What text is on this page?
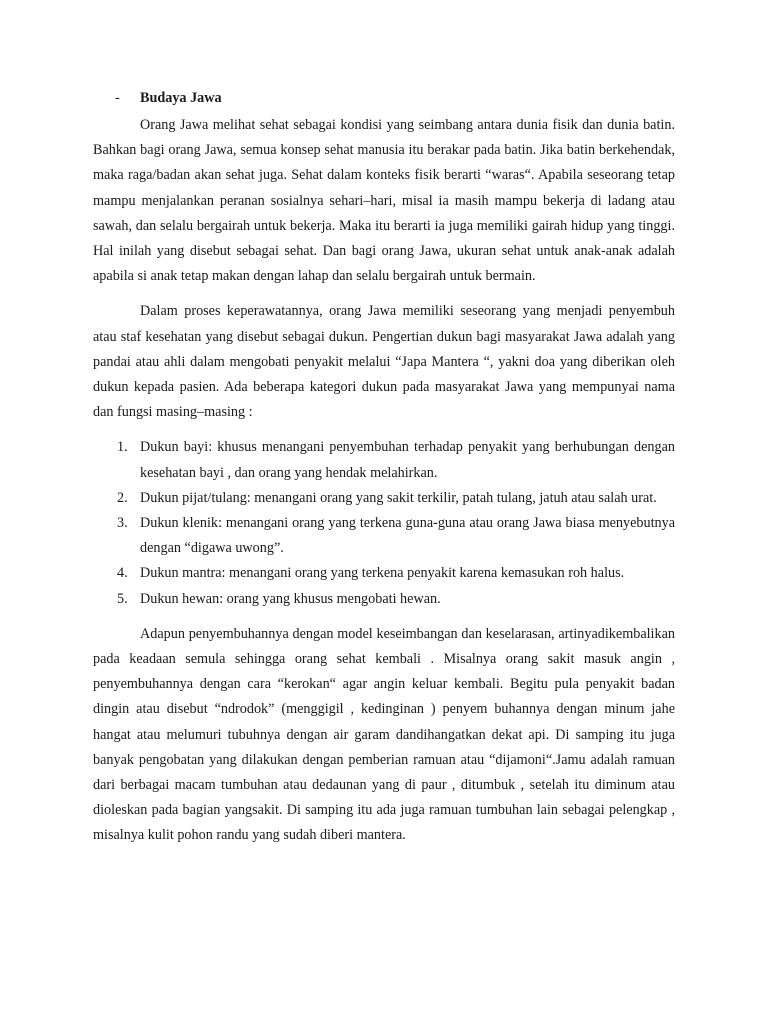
- Budaya Jawa

Orang Jawa melihat sehat sebagai kondisi yang seimbang antara dunia fisik dan dunia batin. Bahkan bagi orang Jawa, semua konsep sehat manusia itu berakar pada batin. Jika batin berkehendak, maka raga/badan akan sehat juga. Sehat dalam konteks fisik berarti “waras“. Apabila seseorang tetap mampu menjalankan peranan sosialnya sehari–hari, misal ia masih mampu bekerja di ladang atau sawah, dan selalu bergairah untuk bekerja. Maka itu berarti ia juga memiliki gairah hidup yang tinggi. Hal inilah yang disebut sebagai sehat. Dan bagi orang Jawa, ukuran sehat untuk anak-anak adalah apabila si anak tetap makan dengan lahap dan selalu bergairah untuk bermain.

Dalam proses keperawatannya, orang Jawa memiliki seseorang yang menjadi penyembuh atau staf kesehatan yang disebut sebagai dukun. Pengertian dukun bagi masyarakat Jawa adalah yang pandai atau ahli dalam mengobati penyakit melalui “Japa Mantera “, yakni doa yang diberikan oleh dukun kepada pasien. Ada beberapa kategori dukun pada masyarakat Jawa yang mempunyai nama dan fungsi masing–masing :

1. Dukun bayi: khusus menangani penyembuhan terhadap penyakit yang berhubungan dengan kesehatan bayi , dan orang yang hendak melahirkan.
2. Dukun pijat/tulang: menangani orang yang sakit terkilir, patah tulang, jatuh atau salah urat.
3. Dukun klenik: menangani orang yang terkena guna-guna atau orang Jawa biasa menyebutnya dengan “digawa uwong”.
4. Dukun mantra: menangani orang yang terkena penyakit karena kemasukan roh halus.
5. Dukun hewan: orang yang khusus mengobati hewan.

Adapun penyembuhannya dengan model keseimbangan dan keselarasan, artinyadikembalikan pada keadaan semula sehingga orang sehat kembali . Misalnya orang sakit masuk angin , penyembuhannya dengan cara “kerokan“ agar angin keluar kembali. Begitu pula penyakit badan dingin atau disebut “ndrodok” (menggigil , kedinginan ) penyem buhannya dengan minum jahe hangat atau melumuri tubuhnya dengan air garam dandihangatkan dekat api. Di samping itu juga banyak pengobatan yang dilakukan dengan pemberian ramuan atau “dijamoni“.Jamu adalah ramuan dari berbagai macam tumbuhan atau dedaunan yang di paur , ditumbuk , setelah itu diminum atau dioleskan pada bagian yangsakit. Di samping itu ada juga ramuan tumbuhan lain sebagai pelengkap , misalnya kulit pohon randu yang sudah diberi mantera.
